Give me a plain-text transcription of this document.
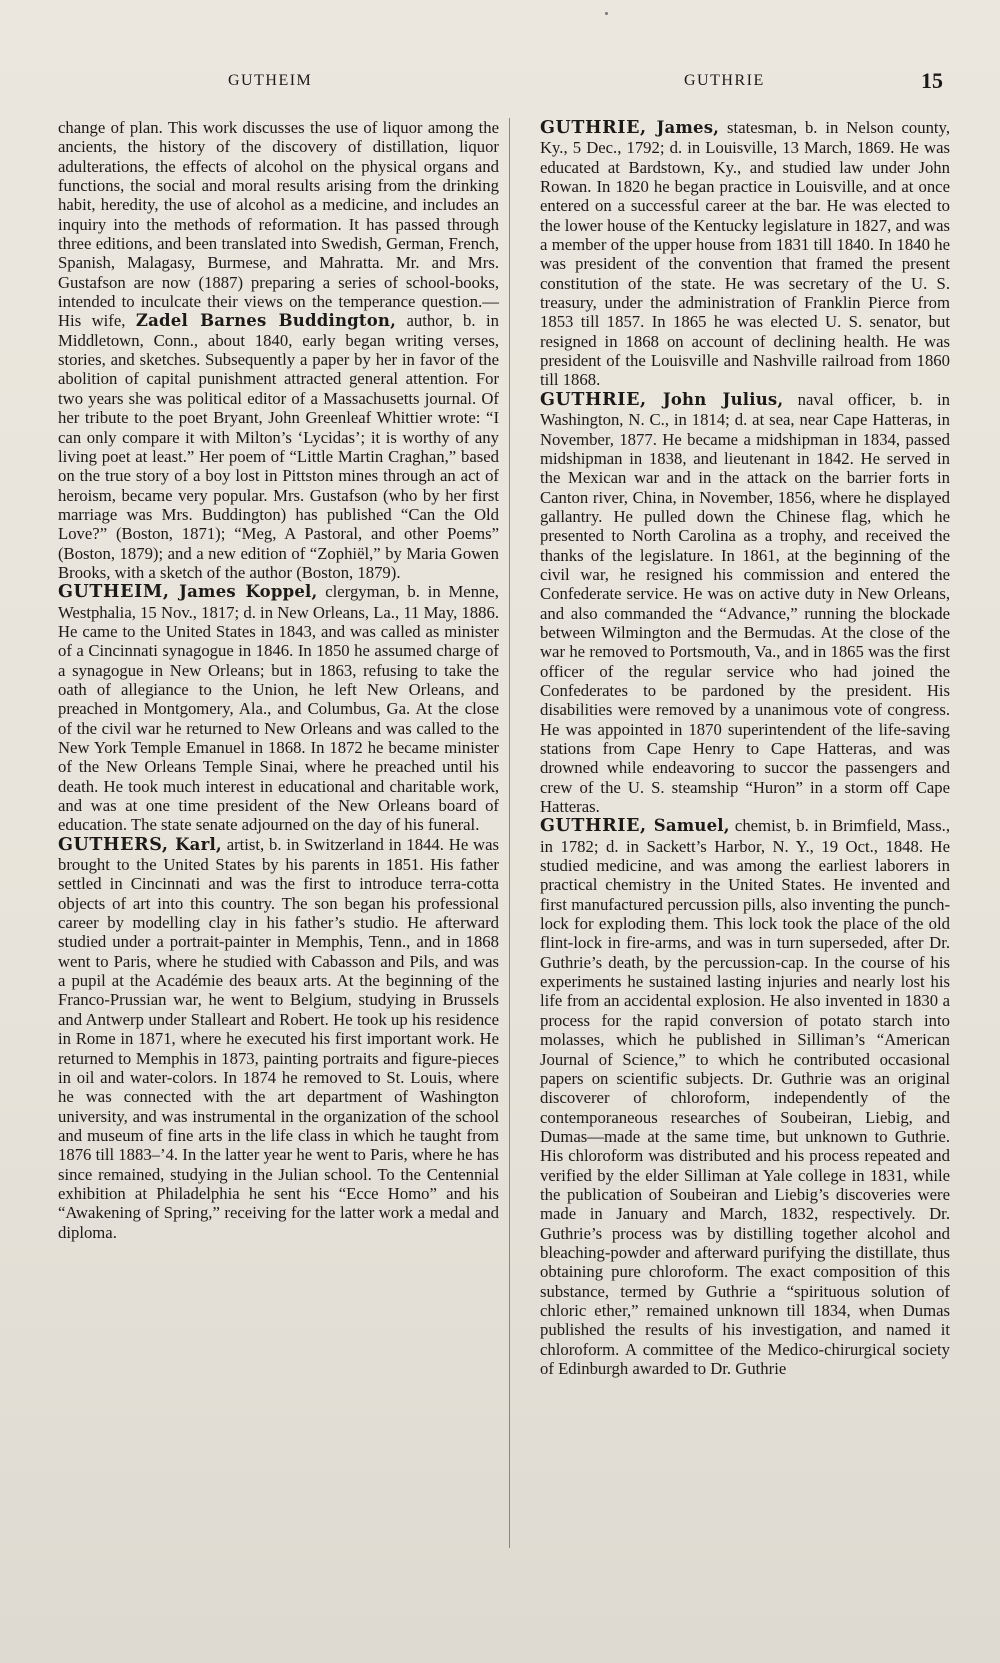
GUTHEIM	GUTHRIE	15

change of plan. This work discusses the use of liquor among the ancients, the history of the discovery of distillation, liquor adulterations, the effects of alcohol on the physical organs and functions, the social and moral results arising from the drinking habit, heredity, the use of alcohol as a medicine, and includes an inquiry into the methods of reformation. It has passed through three editions, and been translated into Swedish, German, French, Spanish, Malagasy, Burmese, and Mahratta. Mr. and Mrs. Gustafson are now (1887) preparing a series of school-books, intended to inculcate their views on the temperance question.—His wife, Zadel Barnes Buddington, author, b. in Middletown, Conn., about 1840, early began writing verses, stories, and sketches. Subsequently a paper by her in favor of the abolition of capital punishment attracted general attention. For two years she was political editor of a Massachusetts journal. Of her tribute to the poet Bryant, John Greenleaf Whittier wrote: “I can only compare it with Milton’s ‘Lycidas’; it is worthy of any living poet at least.” Her poem of “Little Martin Craghan,” based on the true story of a boy lost in Pittston mines through an act of heroism, became very popular. Mrs. Gustafson (who by her first marriage was Mrs. Buddington) has published “Can the Old Love?” (Boston, 1871); “Meg, A Pastoral, and other Poems” (Boston, 1879); and a new edition of “Zophiël,” by Maria Gowen Brooks, with a sketch of the author (Boston, 1879).

GUTHEIM, James Koppel, clergyman, b. in Menne, Westphalia, 15 Nov., 1817; d. in New Orleans, La., 11 May, 1886. He came to the United States in 1843, and was called as minister of a Cincinnati synagogue in 1846. In 1850 he assumed charge of a synagogue in New Orleans; but in 1863, refusing to take the oath of allegiance to the Union, he left New Orleans, and preached in Montgomery, Ala., and Columbus, Ga. At the close of the civil war he returned to New Orleans and was called to the New York Temple Emanuel in 1868. In 1872 he became minister of the New Orleans Temple Sinai, where he preached until his death. He took much interest in educational and charitable work, and was at one time president of the New Orleans board of education. The state senate adjourned on the day of his funeral.

GUTHERS, Karl, artist, b. in Switzerland in 1844. He was brought to the United States by his parents in 1851. His father settled in Cincinnati and was the first to introduce terra-cotta objects of art into this country. The son began his professional career by modelling clay in his father’s studio. He afterward studied under a portrait-painter in Memphis, Tenn., and in 1868 went to Paris, where he studied with Cabasson and Pils, and was a pupil at the Académie des beaux arts. At the beginning of the Franco-Prussian war, he went to Belgium, studying in Brussels and Antwerp under Stalleart and Robert. He took up his residence in Rome in 1871, where he executed his first important work. He returned to Memphis in 1873, painting portraits and figure-pieces in oil and water-colors. In 1874 he removed to St. Louis, where he was connected with the art department of Washington university, and was instrumental in the organization of the school and museum of fine arts in the life class in which he taught from 1876 till 1883–’4. In the latter year he went to Paris, where he has since remained, studying in the Julian school. To the Centennial exhibition at Philadelphia he sent his “Ecce Homo” and his “Awakening of Spring,” receiving for the latter work a medal and diploma.

GUTHRIE, James, statesman, b. in Nelson county, Ky., 5 Dec., 1792; d. in Louisville, 13 March, 1869. He was educated at Bardstown, Ky., and studied law under John Rowan. In 1820 he began practice in Louisville, and at once entered on a successful career at the bar. He was elected to the lower house of the Kentucky legislature in 1827, and was a member of the upper house from 1831 till 1840. In 1840 he was president of the convention that framed the present constitution of the state. He was secretary of the U. S. treasury, under the administration of Franklin Pierce from 1853 till 1857. In 1865 he was elected U. S. senator, but resigned in 1868 on account of declining health. He was president of the Louisville and Nashville railroad from 1860 till 1868.

GUTHRIE, John Julius, naval officer, b. in Washington, N. C., in 1814; d. at sea, near Cape Hatteras, in November, 1877. He became a midshipman in 1834, passed midshipman in 1838, and lieutenant in 1842. He served in the Mexican war and in the attack on the barrier forts in Canton river, China, in November, 1856, where he displayed gallantry. He pulled down the Chinese flag, which he presented to North Carolina as a trophy, and received the thanks of the legislature. In 1861, at the beginning of the civil war, he resigned his commission and entered the Confederate service. He was on active duty in New Orleans, and also commanded the “Advance,” running the blockade between Wilmington and the Bermudas. At the close of the war he removed to Portsmouth, Va., and in 1865 was the first officer of the regular service who had joined the Confederates to be pardoned by the president. His disabilities were removed by a unanimous vote of congress. He was appointed in 1870 superintendent of the life-saving stations from Cape Henry to Cape Hatteras, and was drowned while endeavoring to succor the passengers and crew of the U. S. steamship “Huron” in a storm off Cape Hatteras.

GUTHRIE, Samuel, chemist, b. in Brimfield, Mass., in 1782; d. in Sackett’s Harbor, N. Y., 19 Oct., 1848. He studied medicine, and was among the earliest laborers in practical chemistry in the United States. He invented and first manufactured percussion pills, also inventing the punch-lock for exploding them. This lock took the place of the old flint-lock in fire-arms, and was in turn superseded, after Dr. Guthrie’s death, by the percussion-cap. In the course of his experiments he sustained lasting injuries and nearly lost his life from an accidental explosion. He also invented in 1830 a process for the rapid conversion of potato starch into molasses, which he published in Silliman’s “American Journal of Science,” to which he contributed occasional papers on scientific subjects. Dr. Guthrie was an original discoverer of chloroform, independently of the contemporaneous researches of Soubeiran, Liebig, and Dumas—made at the same time, but unknown to Guthrie. His chloroform was distributed and his process repeated and verified by the elder Silliman at Yale college in 1831, while the publication of Soubeiran and Liebig’s discoveries were made in January and March, 1832, respectively. Dr. Guthrie’s process was by distilling together alcohol and bleaching-powder and afterward purifying the distillate, thus obtaining pure chloroform. The exact composition of this substance, termed by Guthrie a “spirituous solution of chloric ether,” remained unknown till 1834, when Dumas published the results of his investigation, and named it chloroform. A committee of the Medico-chirurgical society of Edinburgh awarded to Dr. Guthrie
